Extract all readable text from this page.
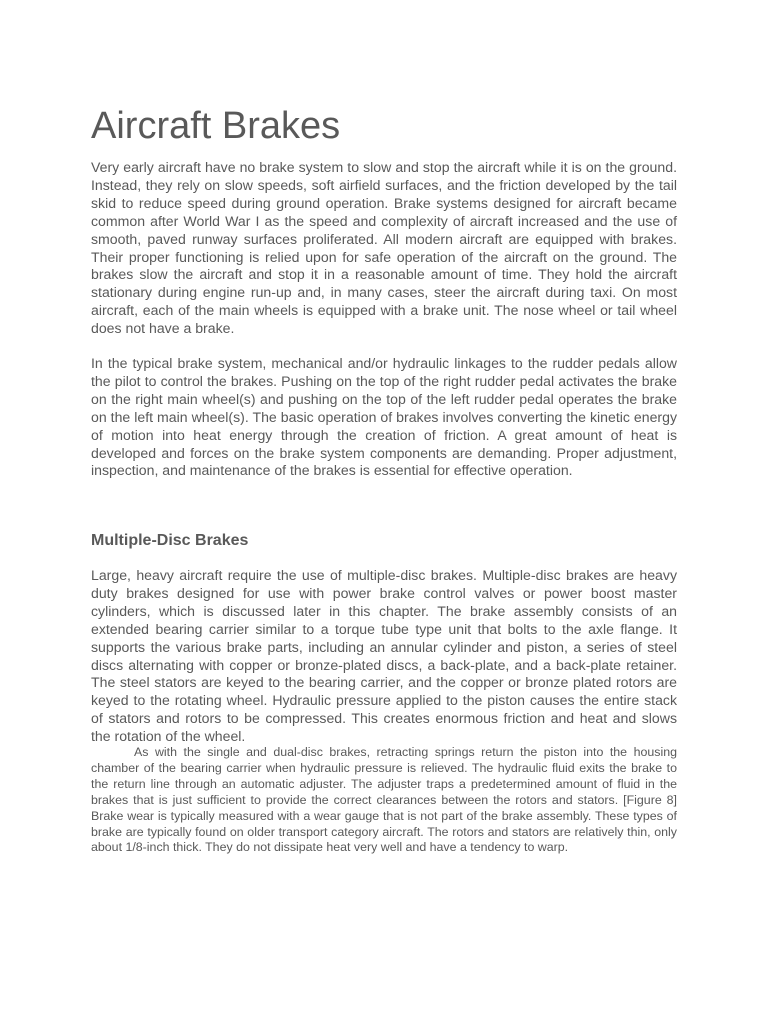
Aircraft Brakes

Very early aircraft have no brake system to slow and stop the aircraft while it is on the ground. Instead, they rely on slow speeds, soft airfield surfaces, and the friction developed by the tail skid to reduce speed during ground operation. Brake systems designed for aircraft became common after World War I as the speed and complexity of aircraft increased and the use of smooth, paved runway surfaces proliferated. All modern aircraft are equipped with brakes. Their proper functioning is relied upon for safe operation of the aircraft on the ground. The brakes slow the aircraft and stop it in a reasonable amount of time. They hold the aircraft stationary during engine run-up and, in many cases, steer the aircraft during taxi. On most aircraft, each of the main wheels is equipped with a brake unit. The nose wheel or tail wheel does not have a brake.

In the typical brake system, mechanical and/or hydraulic linkages to the rudder pedals allow the pilot to control the brakes. Pushing on the top of the right rudder pedal activates the brake on the right main wheel(s) and pushing on the top of the left rudder pedal operates the brake on the left main wheel(s). The basic operation of brakes involves converting the kinetic energy of motion into heat energy through the creation of friction. A great amount of heat is developed and forces on the brake system components are demanding. Proper adjustment, inspection, and maintenance of the brakes is essential for effective operation.

Multiple-Disc Brakes

Large, heavy aircraft require the use of multiple-disc brakes. Multiple-disc brakes are heavy duty brakes designed for use with power brake control valves or power boost master cylinders, which is discussed later in this chapter. The brake assembly consists of an extended bearing carrier similar to a torque tube type unit that bolts to the axle flange. It supports the various brake parts, including an annular cylinder and piston, a series of steel discs alternating with copper or bronze-plated discs, a back-plate, and a back-plate retainer. The steel stators are keyed to the bearing carrier, and the copper or bronze plated rotors are keyed to the rotating wheel. Hydraulic pressure applied to the piston causes the entire stack of stators and rotors to be compressed. This creates enormous friction and heat and slows the rotation of the wheel.

As with the single and dual-disc brakes, retracting springs return the piston into the housing chamber of the bearing carrier when hydraulic pressure is relieved. The hydraulic fluid exits the brake to the return line through an automatic adjuster. The adjuster traps a predetermined amount of fluid in the brakes that is just sufficient to provide the correct clearances between the rotors and stators. [Figure 8] Brake wear is typically measured with a wear gauge that is not part of the brake assembly. These types of brake are typically found on older transport category aircraft. The rotors and stators are relatively thin, only about 1/8-inch thick. They do not dissipate heat very well and have a tendency to warp.
